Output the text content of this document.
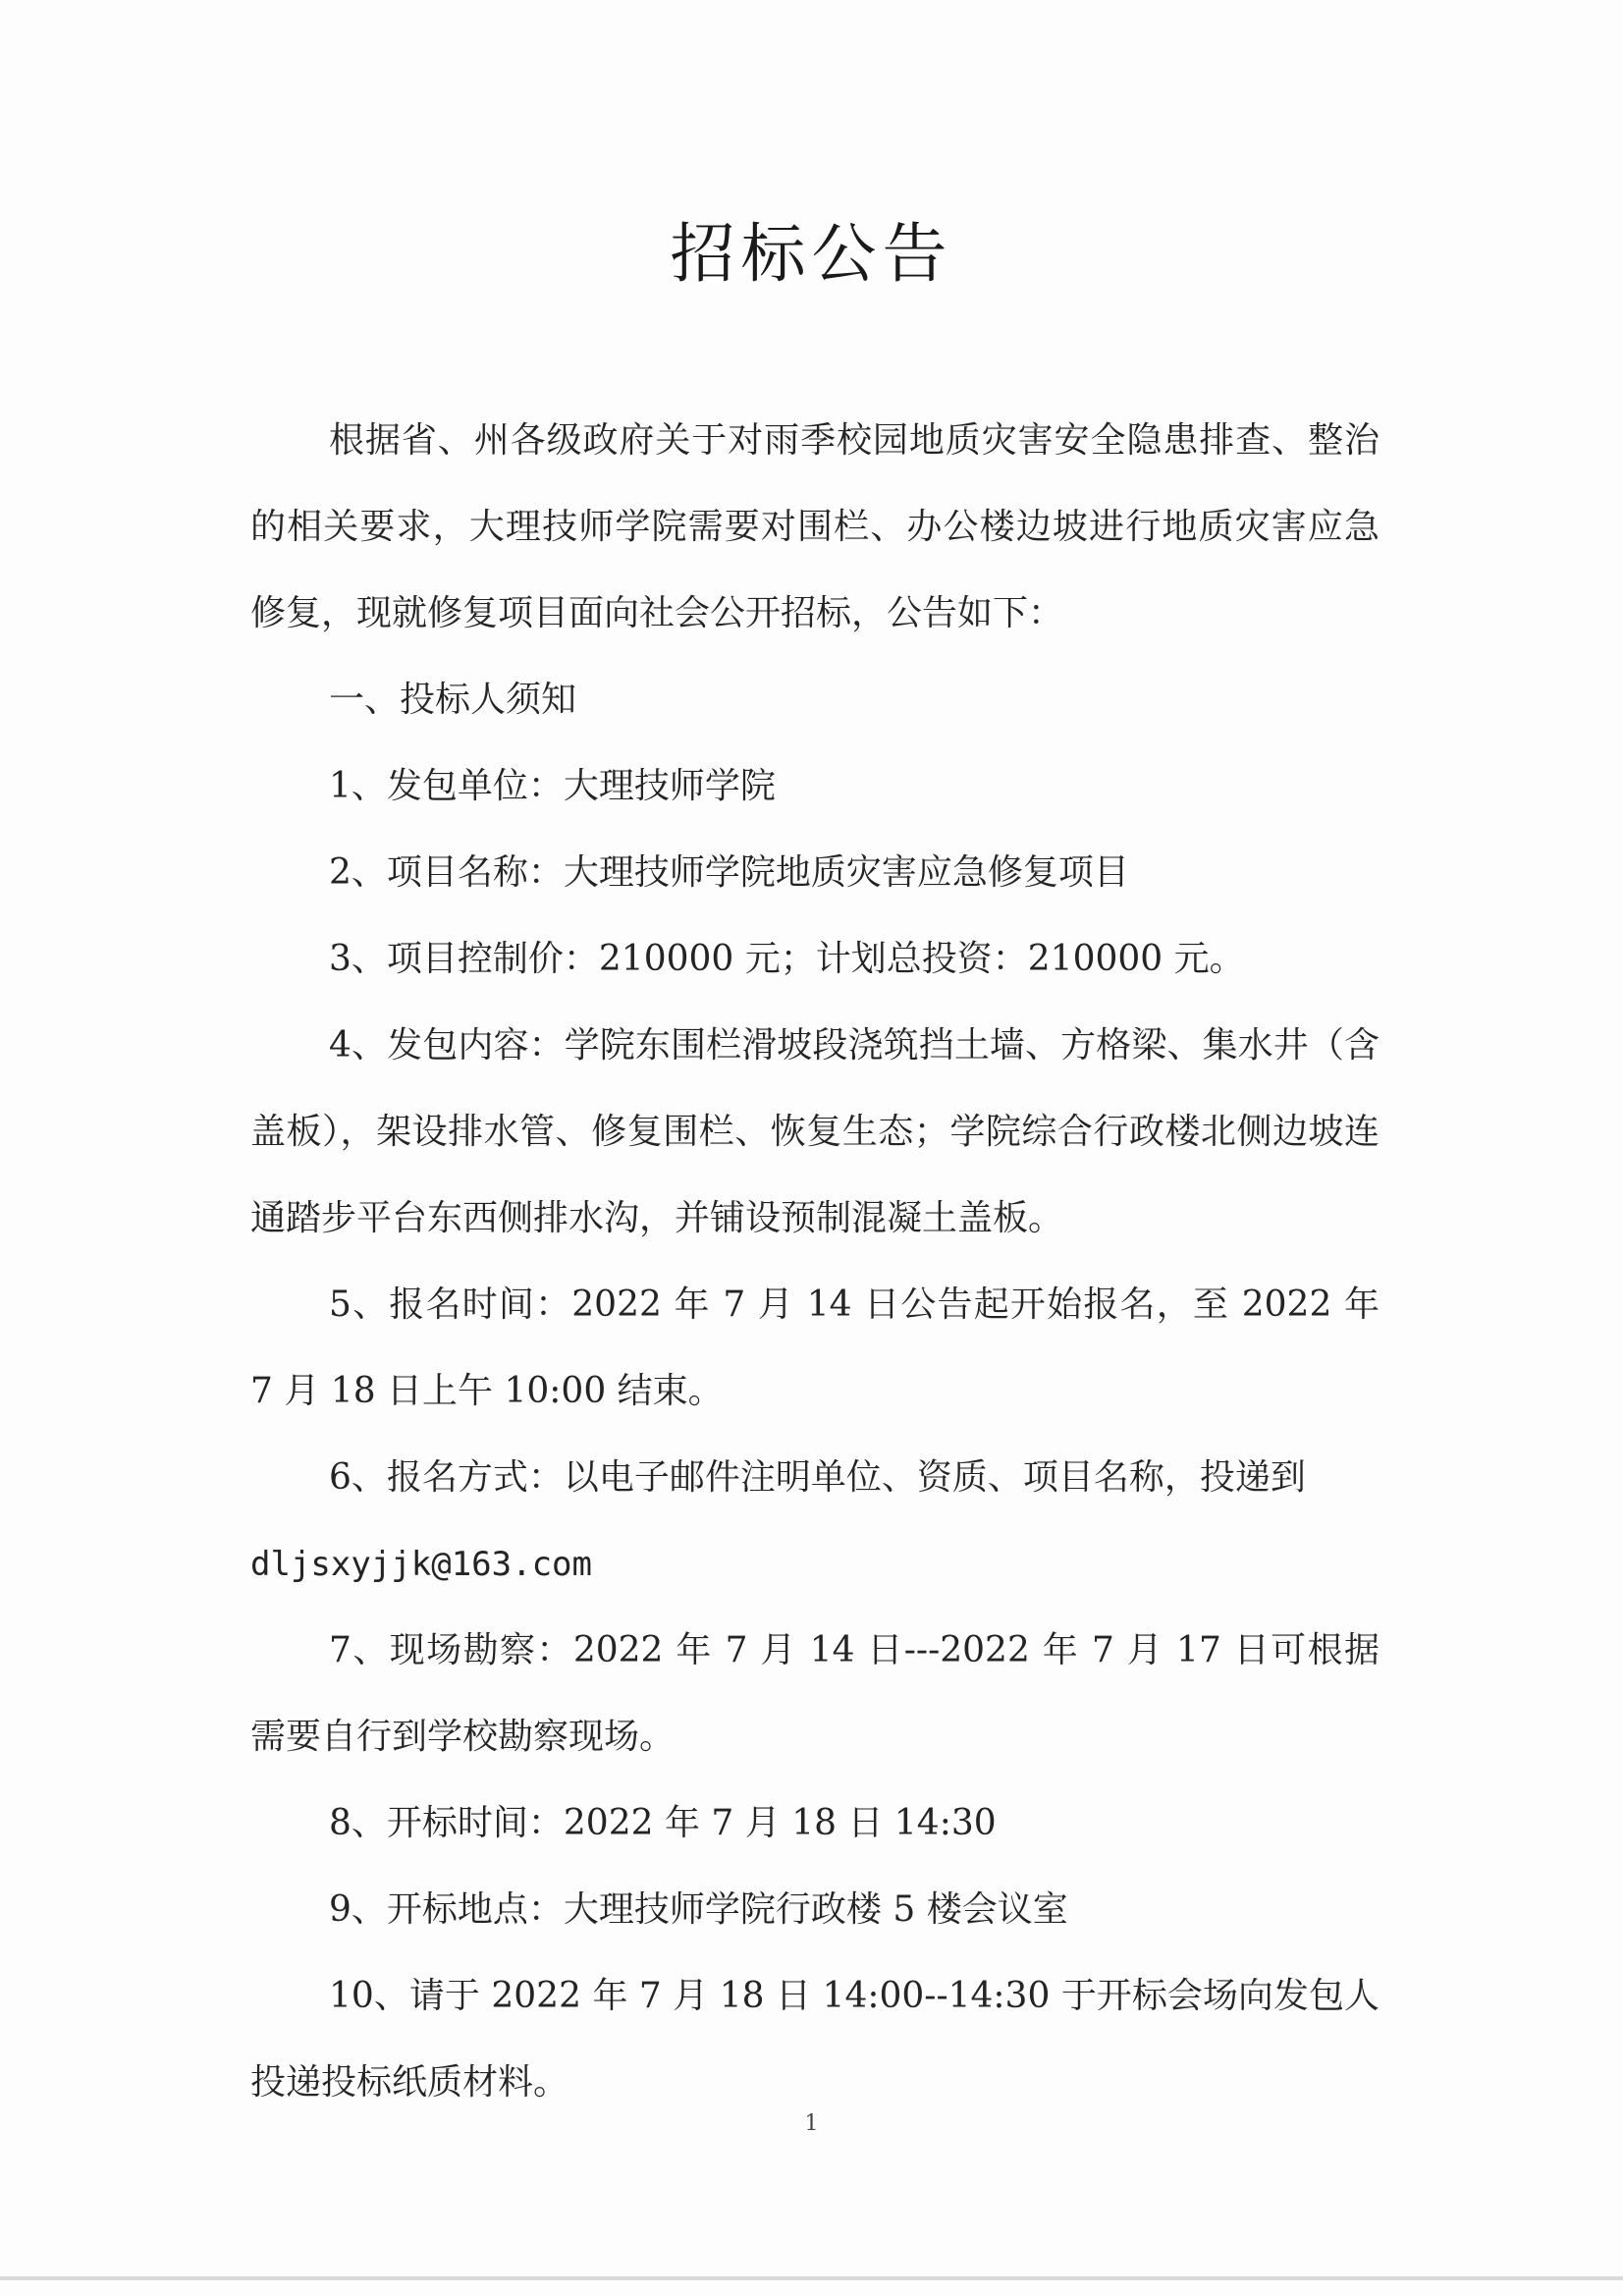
招标公告

根据省、州各级政府关于对雨季校园地质灾害安全隐患排查、整治的相关要求，大理技师学院需要对围栏、办公楼边坡进行地质灾害应急修复，现就修复项目面向社会公开招标，公告如下：

一、投标人须知

1、发包单位：大理技师学院

2、项目名称：大理技师学院地质灾害应急修复项目

3、项目控制价：210000 元；计划总投资：210000 元。

4、发包内容：学院东围栏滑坡段浇筑挡土墙、方格梁、集水井（含盖板），架设排水管、修复围栏、恢复生态；学院综合行政楼北侧边坡连通踏步平台东西侧排水沟，并铺设预制混凝土盖板。

5、报名时间：2022 年 7 月 14 日公告起开始报名，至 2022 年 7 月 18 日上午 10:00 结束。

6、报名方式：以电子邮件注明单位、资质、项目名称，投递到

dljsxyjjk@163.com

7、现场勘察：2022 年 7 月 14 日---2022 年 7 月 17 日可根据需要自行到学校勘察现场。

8、开标时间：2022 年 7 月 18 日 14:30

9、开标地点：大理技师学院行政楼 5 楼会议室

10、请于 2022 年 7 月 18 日 14:00--14:30 于开标会场向发包人投递投标纸质材料。

1
